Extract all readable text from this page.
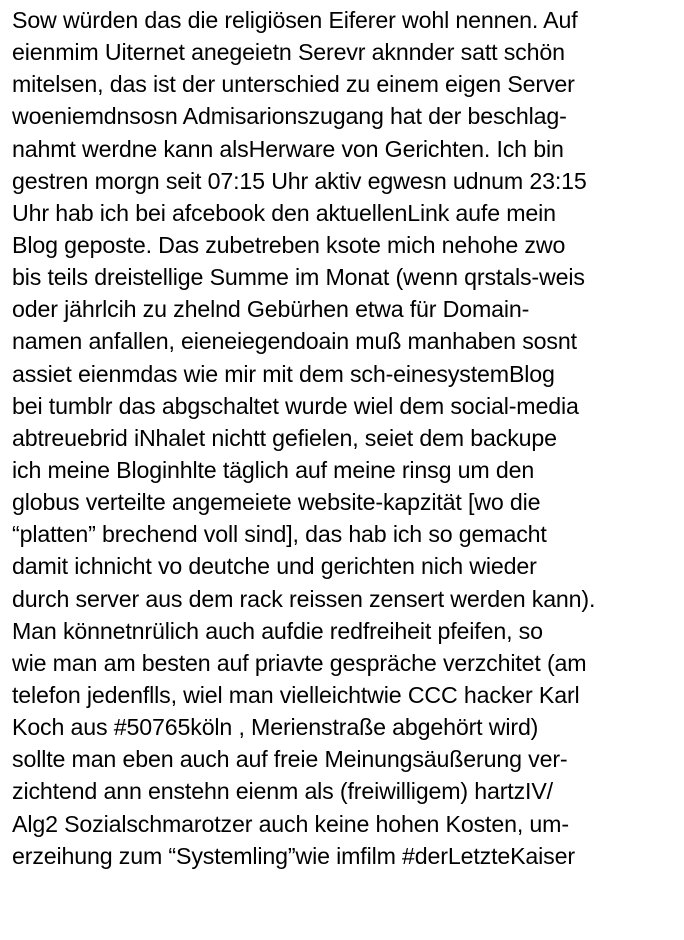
Sow würden das die religiösen Eiferer wohl nennen. Auf
eienmim Uiternet anegeietn Serevr aknnder satt schön
mitelsen, das ist der unterschied zu einem eigen Server
woeniemdnsosn Admisarionszugang hat der beschlag-
nahmt werdne kann alsHerware von Gerichten. Ich bin
gestren morgn seit 07:15 Uhr aktiv egwesn udnum 23:15
Uhr hab ich bei afcebook den aktuellenLink aufe mein
Blog geposte. Das zubetreben ksote mich nehohe zwo
bis teils dreistellige Summe im Monat (wenn qrstals-weis
oder jährlcih zu zhelnd Gebürhen etwa für Domain-
namen anfallen, eieneiegendoain muß manhaben sosnt
assiet eienmdas wie mir mit dem sch-einesystemBlog
bei tumblr das abgschaltet wurde wiel dem social-media
abtreuebrid iNhalet nichtt gefielen, seiet dem backupe
ich meine Bloginhlte täglich auf meine rinsg um den
globus verteilte angemeiete website-kapzität [wo die
“platten” brechend voll sind], das hab ich so gemacht
damit ichnicht vo deutche und gerichten nich wieder
durch server aus dem rack reissen zensert werden kann).
Man könnetnrülich auch aufdie redfreiheit pfeifen, so
wie man am besten auf priavte gespräche verzchitet (am
telefon jedenflls, wiel man vielleichtwie CCC hacker Karl
Koch aus #50765köln , Merienstraße abgehört wird)
sollte man eben auch auf freie Meinungsäußerung ver-
zichtend ann enstehn eienm als (freiwilligem) hartzIV/
Alg2 Sozialschmarotzer auch keine hohen Kosten, um-
erzeihung zum “Systemling”wie imfilm #derLetzteKaiser
